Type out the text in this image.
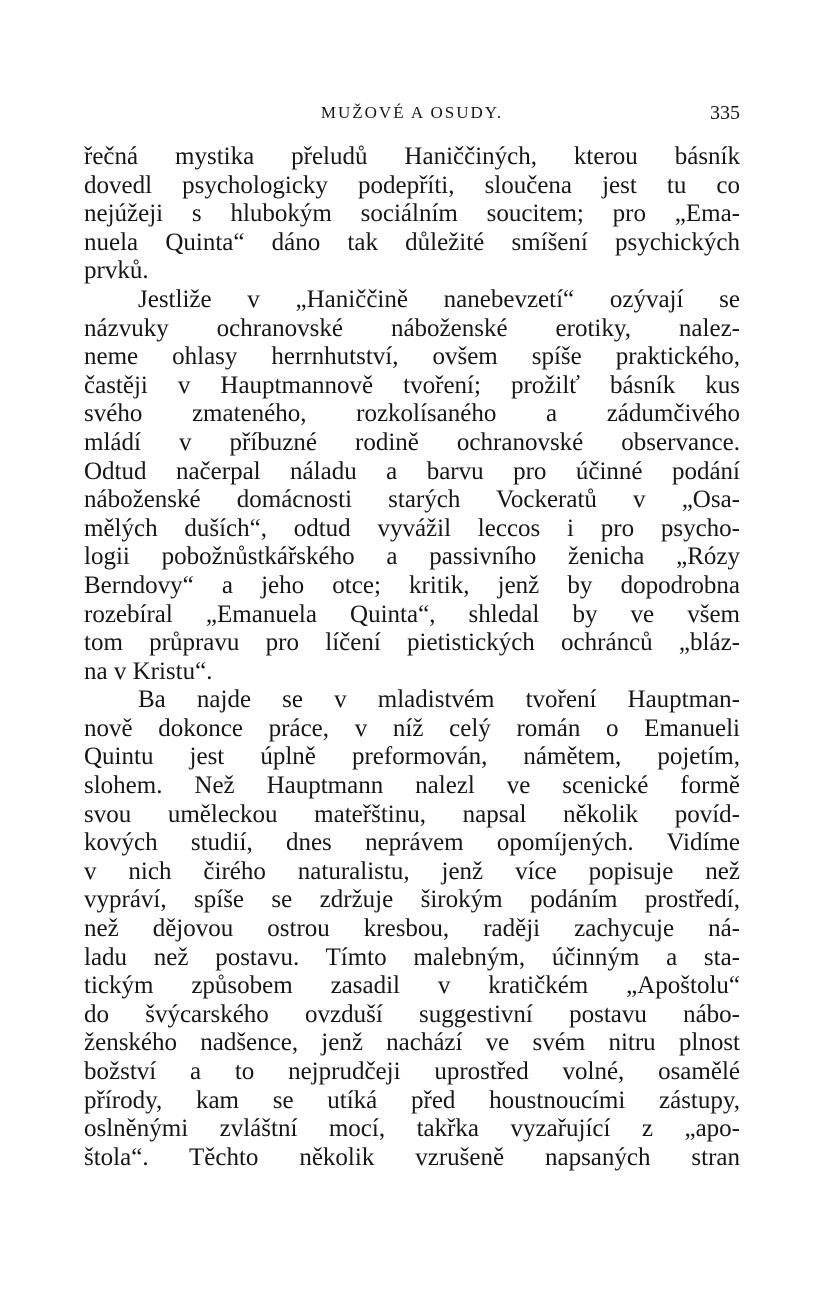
MUŽOVÉ A OSUDY.	335
řečná mystika přeludů Haniččiných, kterou básník
dovedl psychologicky podepříti, sloučena jest tu co
nejúžeji s hlubokým sociálním soucitem; pro „Ema-
nuela Quinta“ dáno tak důležité smíšení psychických
prvků.
Jestliže v „Haniččině nanebevzetí“ ozývají se
názvuky ochranovské náboženské erotiky, nalez-
neme ohlasy herrnhutství, ovšem spíše praktického,
častěji v Hauptmannově tvoření; prožilť básník kus
svého zmateného, rozkolísaného a zádumčivého
mládí v příbuzné rodině ochranovské observance.
Odtud načerpal náladu a barvu pro účinné podání
náboženské domácnosti starých Vockeratů v „Osa-
mělých duších“, odtud vyvážil leccos i pro psycho-
logii pobožnůstkářského a passivního ženicha „Rózy
Berndovy“ a jeho otce; kritik, jenž by dopodrobna
rozebíral „Emanuela Quinta“, shledal by ve všem
tom průpravu pro líčení pietistických ochránců „bláz-
na v Kristu“.
Ba najde se v mladistvém tvoření Hauptman-
nově dokonce práce, v níž celý román o Emanueli
Quintu jest úplně preformován, námětem, pojetím,
slohem. Než Hauptmann nalezl ve scenické formě
svou uměleckou mateřštinu, napsal několik povíd-
kových studií, dnes neprávem opomíjených. Vidíme
v nich čirého naturalistu, jenž více popisuje než
vypráví, spíše se zdržuje širokým podáním prostředí,
než dějovou ostrou kresbou, raději zachycuje ná-
ladu než postavu. Tímto malebným, účinným a sta-
tickým způsobem zasadil v kratičkém „Apoštolu“
do švýcarského ovzduší suggestivní postavu nábo-
ženského nadšence, jenž nachází ve svém nitru plnost
božství a to nejprudčeji uprostřed volné, osamělé
přírody, kam se utíká před houstnoucími zástupy,
oslněnými zvláštní mocí, takřka vyzařující z „apo-
štola“. Těchto několik vzrušeně napsaných stran
